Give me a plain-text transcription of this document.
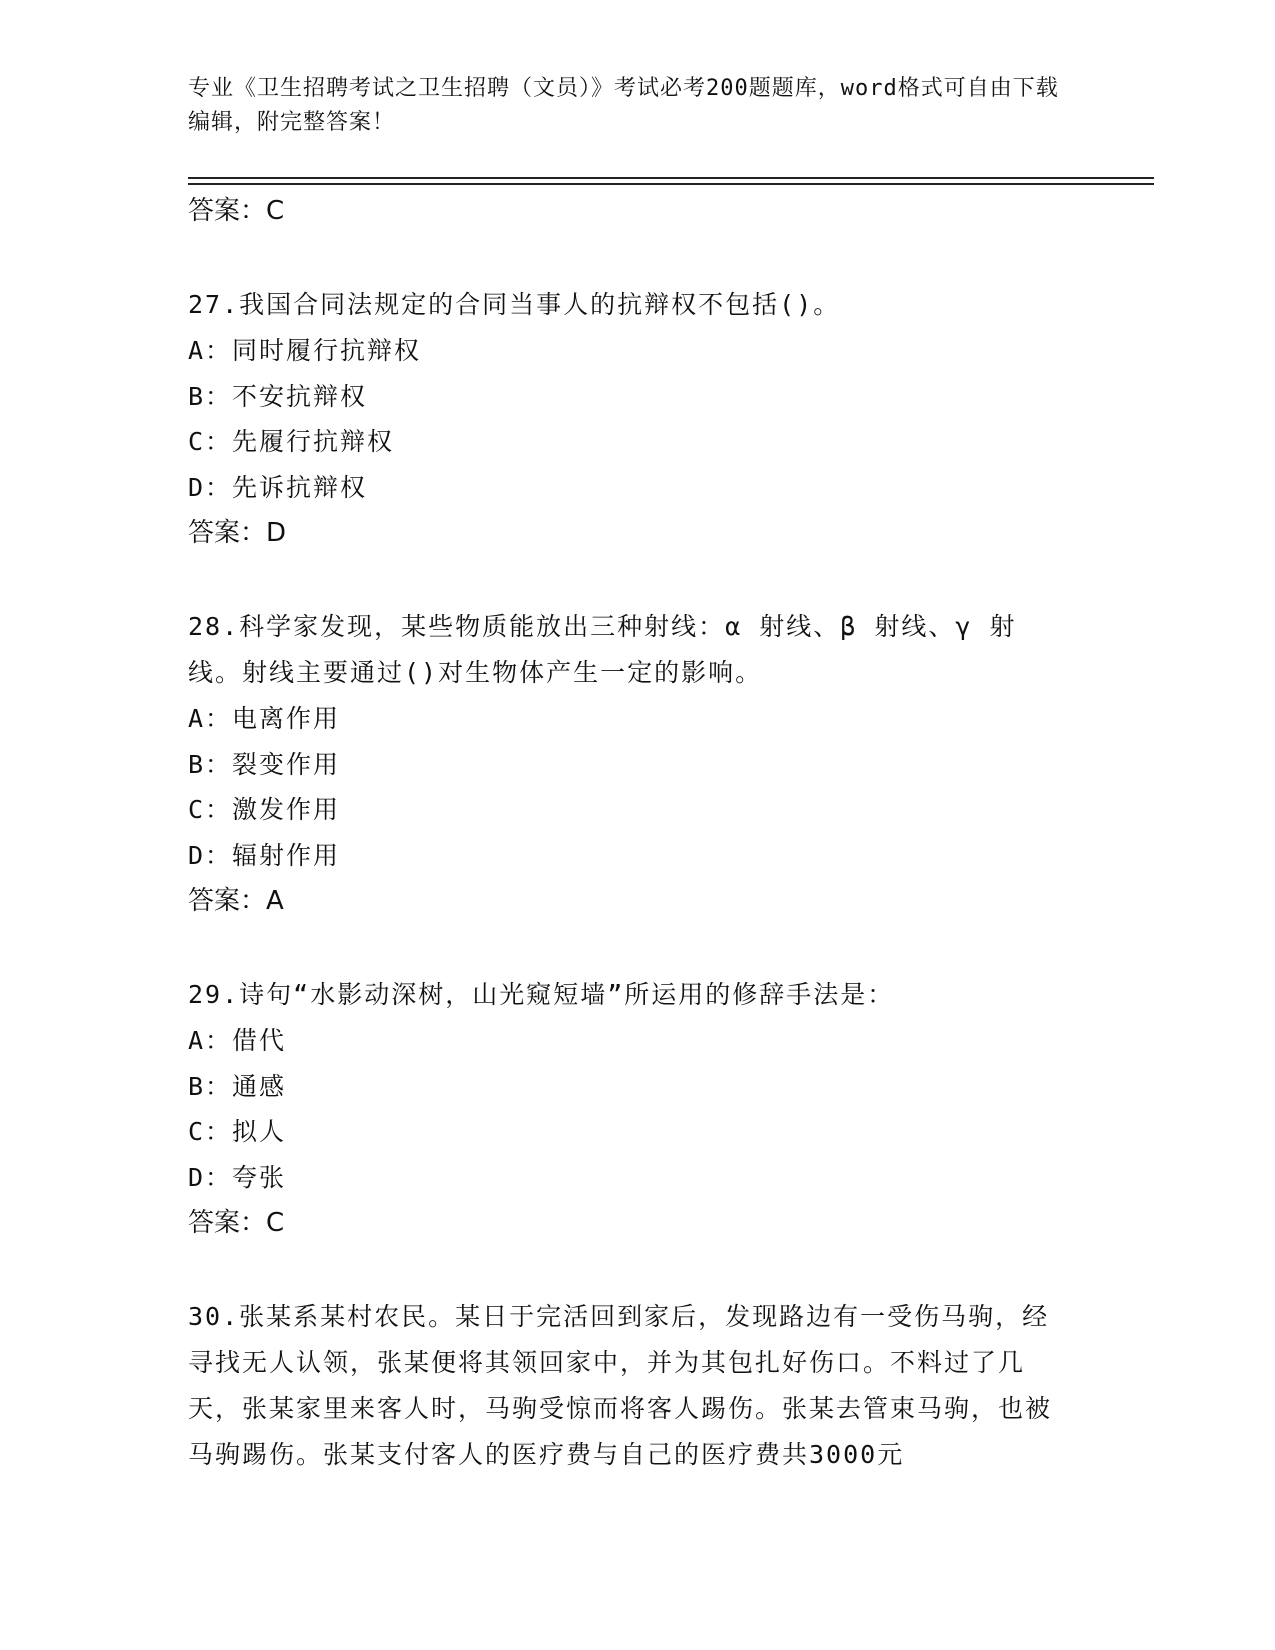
专业《卫生招聘考试之卫生招聘（文员）》考试必考200题题库，word格式可自由下载编辑，附完整答案！

答案：C

27.我国合同法规定的合同当事人的抗辩权不包括()。

A：同时履行抗辩权

B：不安抗辩权

C：先履行抗辩权

D：先诉抗辩权

答案：D

28.科学家发现，某些物质能放出三种射线：α 射线、β 射线、γ 射线。射线主要通过()对生物体产生一定的影响。

A：电离作用

B：裂变作用

C：激发作用

D：辐射作用

答案：A

29.诗句“水影动深树，山光窥短墙”所运用的修辞手法是：

A：借代

B：通感

C：拟人

D：夸张

答案：C

30.张某系某村农民。某日于完活回到家后，发现路边有一受伤马驹，经寻找无人认领，张某便将其领回家中，并为其包扎好伤口。不料过了几天，张某家里来客人时，马驹受惊而将客人踢伤。张某去管束马驹，也被马驹踢伤。张某支付客人的医疗费与自己的医疗费共3000元
